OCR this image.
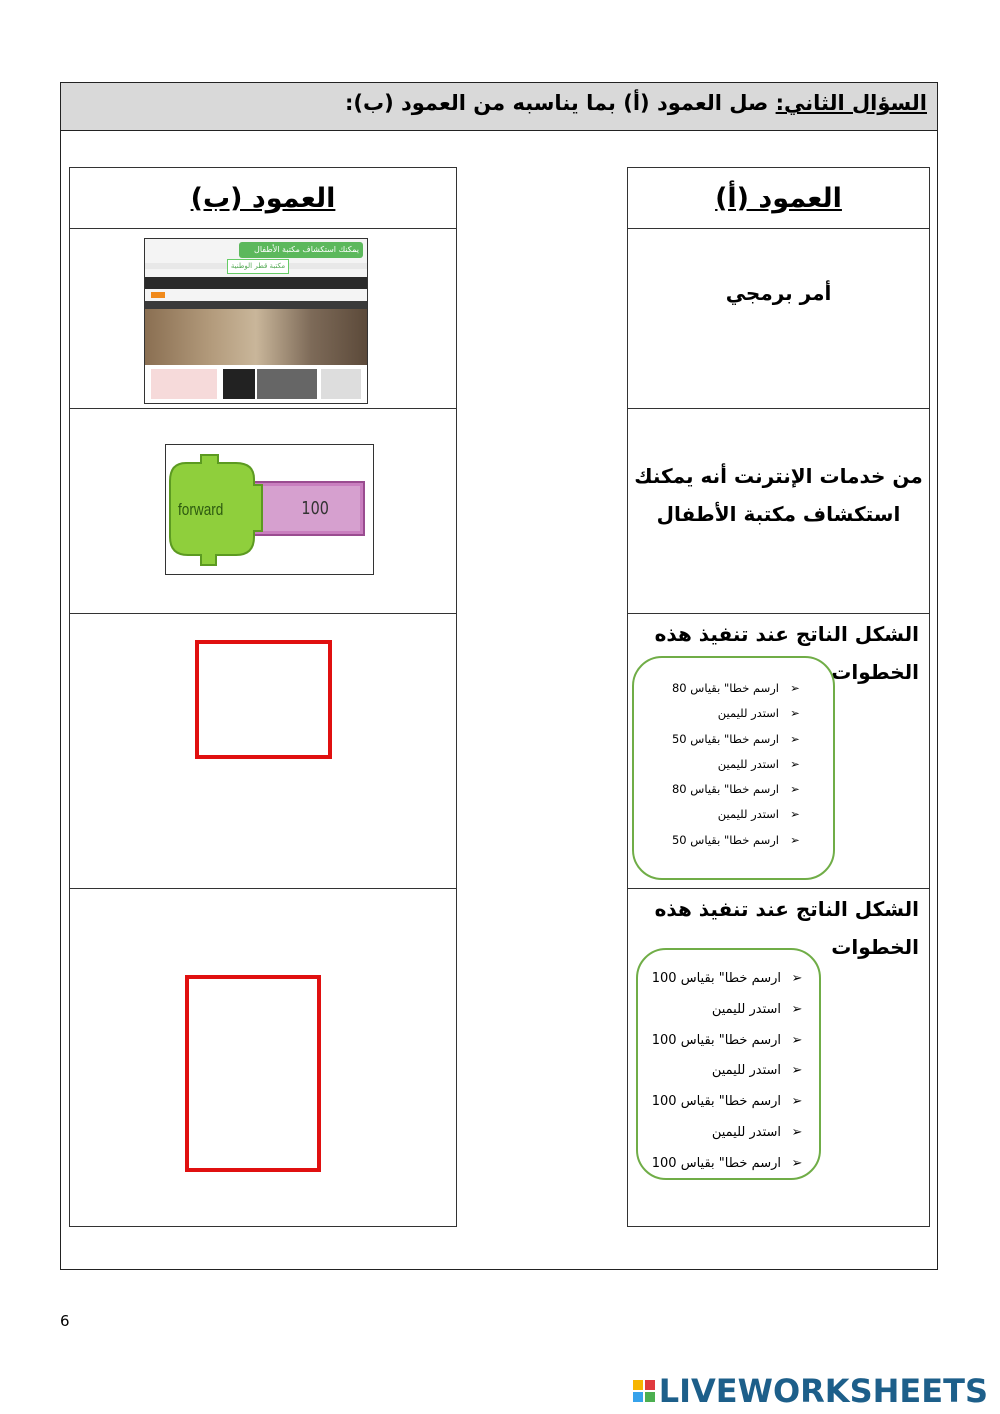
السؤال الثاني: صل العمود (أ) بما يناسبه من العمود (ب):
العمود (ب)
يمكنك استكشاف مكتبة الأطفال
مكتبة قطر الوطنية
forward	100
العمود (أ)
أمر برمجي
من خدمات الإنترنت أنه يمكنك
استكشاف مكتبة الأطفال
الشكل الناتج عند تنفيذ هذه
الخطوات
➢
ارسم خطا" بقياس 80
➢
استدر لليمين
➢
ارسم خطا" بقياس 50
➢
استدر لليمين
➢
ارسم خطا" بقياس 80
➢
استدر لليمين
➢
ارسم خطا" بقياس 50
الشكل الناتج عند تنفيذ هذه
الخطوات
➢
ارسم خطا" بقياس 100
➢
استدر لليمين
➢
ارسم خطا" بقياس 100
➢
استدر لليمين
➢
ارسم خطا" بقياس 100
➢
استدر لليمين
➢
ارسم خطا" بقياس 100
6
LIVEWORKSHEETS
